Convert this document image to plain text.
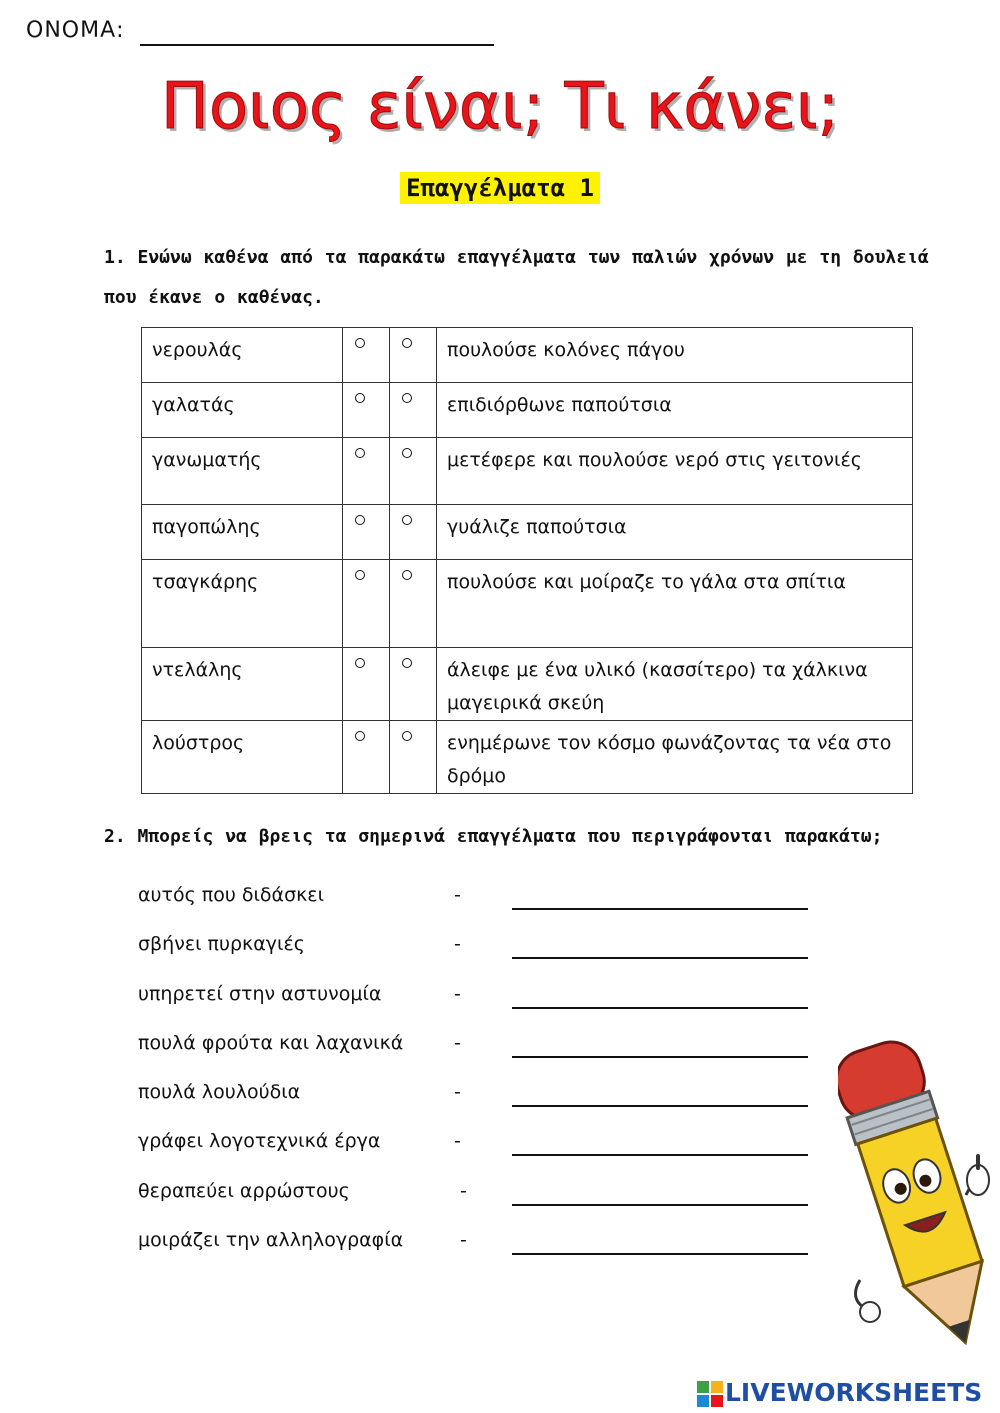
ΟΝΟΜΑ:
Ποιος είναι; Τι κάνει;
Επαγγέλματα 1
1. Ενώνω καθένα από τα παρακάτω επαγγέλματα των παλιών χρόνων με τη δουλειά που έκανε ο καθένας.
νερουλάς			πουλούσε κολόνες πάγου
γαλατάς			επιδιόρθωνε παπούτσια
γανωματής			μετέφερε και πουλούσε νερό στις γειτονιές
παγοπώλης			γυάλιζε παπούτσια
τσαγκάρης			πουλούσε και μοίραζε το γάλα στα σπίτια
ντελάλης			άλειφε με ένα υλικό (κασσίτερο) τα χάλκινα μαγειρικά σκεύη
λούστρος			ενημέρωνε τον κόσμο φωνάζοντας τα νέα στο δρόμο
2. Μπορείς να βρεις τα σημερινά επαγγέλματα που περιγράφονται παρακάτω;
αυτός που διδάσκει	-
σβήνει πυρκαγιές	-
υπηρετεί στην αστυνομία	-
πουλά φρούτα και λαχανικά	-
πουλά λουλούδια	-
γράφει λογοτεχνικά έργα	-
θεραπεύει αρρώστους	-
μοιράζει την αλληλογραφία	-
LIVEWORKSHEETS
